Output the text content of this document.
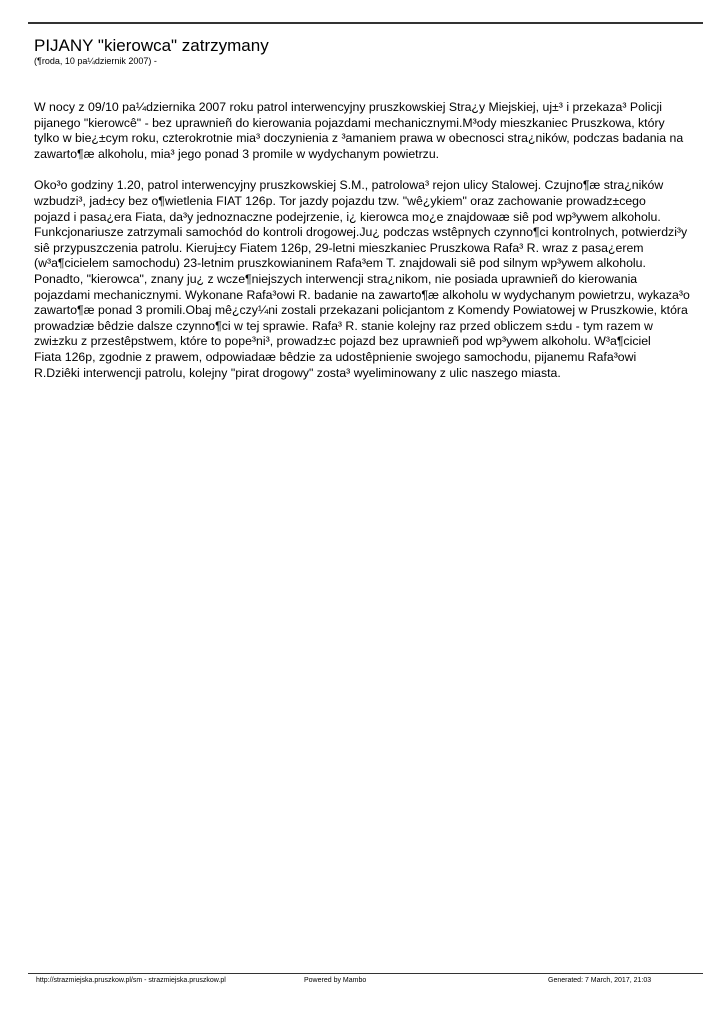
PIJANY "kierowca" zatrzymany
(¶roda, 10 pa¼dziernik 2007) -

W nocy z 09/10 pa¼dziernika 2007 roku patrol interwencyjny pruszkowskiej Stra¿y Miejskiej, uj±³ i przekaza³ Policji
pijanego "kierowcê" - bez uprawnieñ do kierowania pojazdami mechanicznymi.M³ody mieszkaniec Pruszkowa, który
tylko w bie¿±cym roku, czterokrotnie mia³ doczynienia z ³amaniem prawa w obecnosci stra¿ników, podczas badania na
zawarto¶æ alkoholu, mia³ jego ponad 3 promile w wydychanym powietrzu.

Oko³o godziny 1.20, patrol interwencyjny pruszkowskiej S.M., patrolowa³ rejon ulicy Stalowej. Czujno¶æ stra¿ników
wzbudzi³, jad±cy bez o¶wietlenia FIAT 126p. Tor jazdy pojazdu tzw. "wê¿ykiem" oraz zachowanie prowadz±cego
pojazd i pasa¿era Fiata, da³y jednoznaczne podejrzenie, i¿ kierowca mo¿e znajdowaæ siê pod wp³ywem alkoholu.
Funkcjonariusze zatrzymali samochód do kontroli drogowej.Ju¿ podczas wstêpnych czynno¶ci kontrolnych, potwierdzi³y
siê przypuszczenia patrolu. Kieruj±cy Fiatem 126p, 29-letni mieszkaniec Pruszkowa Rafa³ R. wraz z pasa¿erem
(w³a¶cicielem samochodu) 23-letnim pruszkowianinem Rafa³em T. znajdowali siê pod silnym wp³ywem alkoholu.
Ponadto, "kierowca", znany ju¿ z wcze¶niejszych interwencji stra¿nikom, nie posiada uprawnieñ do kierowania
pojazdami mechanicznymi. Wykonane Rafa³owi R. badanie na zawarto¶æ alkoholu w wydychanym powietrzu, wykaza³o
zawarto¶æ ponad 3 promili.Obaj mê¿czy¼ni zostali przekazani policjantom z Komendy Powiatowej w Pruszkowie, która
prowadziæ bêdzie dalsze czynno¶ci w tej sprawie. Rafa³ R. stanie kolejny raz przed obliczem s±du - tym razem w
zwi±zku z przestêpstwem, które to pope³ni³, prowadz±c pojazd bez uprawnieñ pod wp³ywem alkoholu. W³a¶ciciel
Fiata 126p, zgodnie z prawem, odpowiadaæ bêdzie za udostêpnienie swojego samochodu, pijanemu Rafa³owi
R.Dziêki interwencji patrolu, kolejny "pirat drogowy" zosta³ wyeliminowany z ulic naszego miasta.

http://strazmiejska.pruszkow.pl/sm - strazmiejska.pruszkow.pl	Powered by Mambo	Generated: 7 March, 2017, 21:03
